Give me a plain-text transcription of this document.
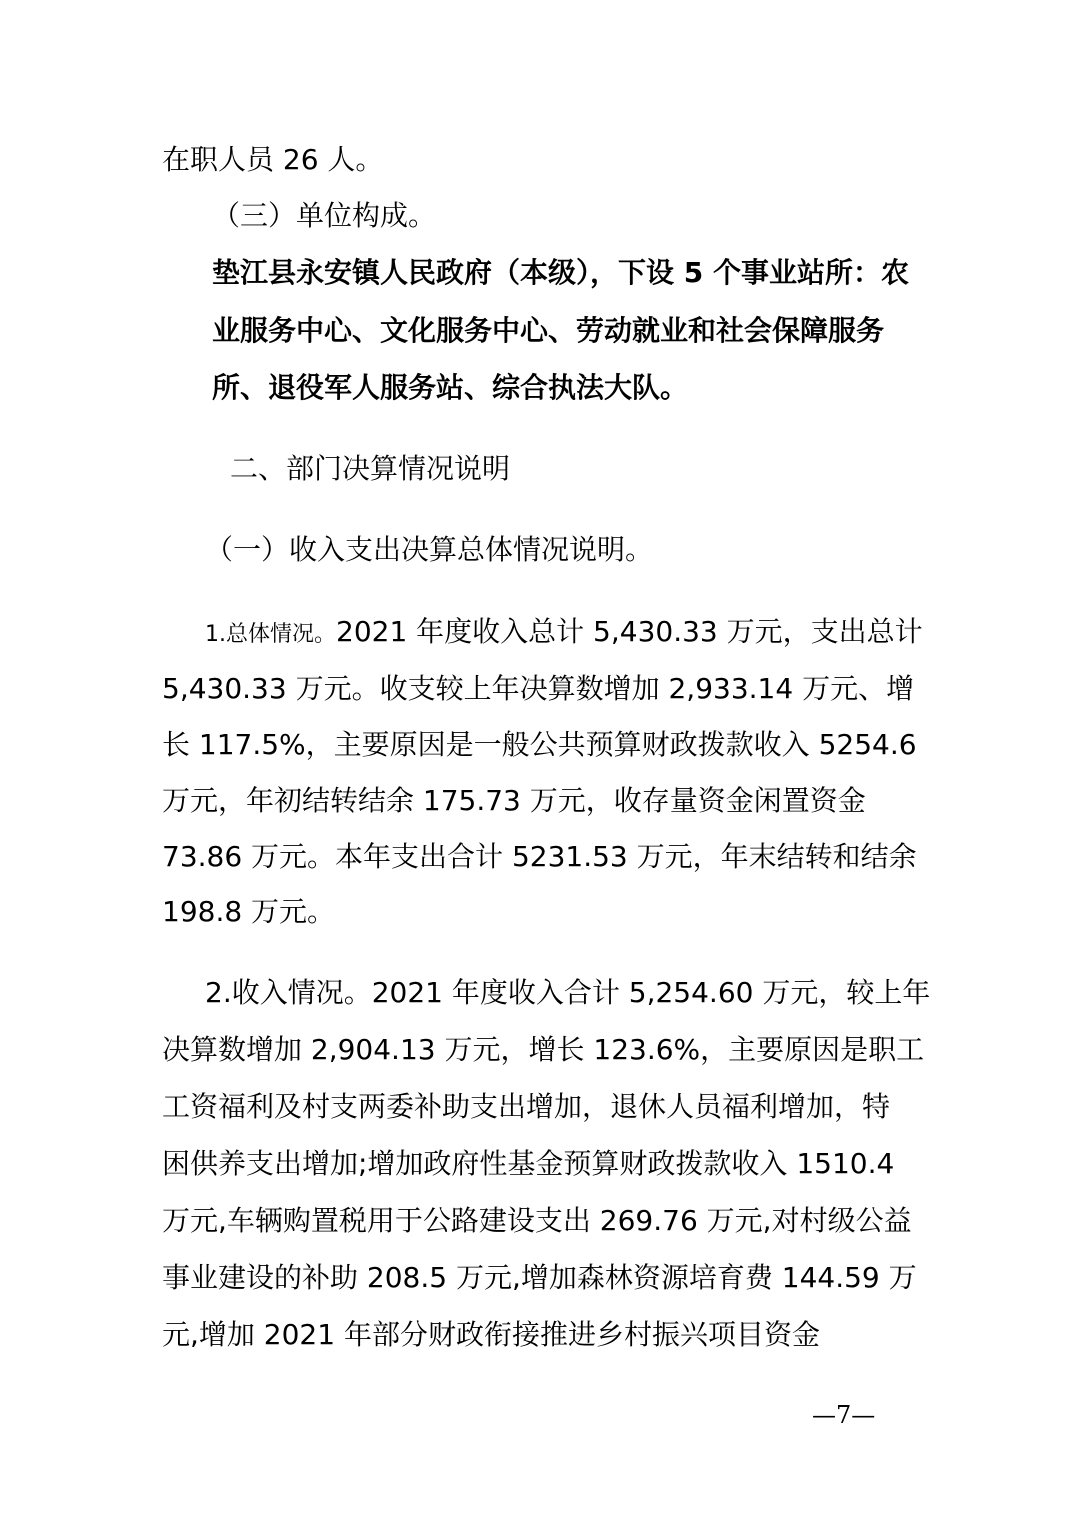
在职人员 26 人。
（三）单位构成。
垫江县永安镇人民政府（本级），下设 5 个事业站所：农
业服务中心、文化服务中心、劳动就业和社会保障服务
所、退役军人服务站、综合执法大队。
二、部门决算情况说明
（一）收入支出决算总体情况说明。
1.总体情况。2021 年度收入总计 5,430.33 万元，支出总计
5,430.33 万元。收支较上年决算数增加 2,933.14 万元、增
长 117.5%，主要原因是一般公共预算财政拨款收入 5254.6
万元，年初结转结余 175.73 万元，收存量资金闲置资金
73.86 万元。本年支出合计 5231.53 万元，年末结转和结余
198.8 万元。
2.收入情况。2021 年度收入合计 5,254.60 万元，较上年
决算数增加 2,904.13 万元，增长 123.6%，主要原因是职工
工资福利及村支两委补助支出增加，退休人员福利增加，特
困供养支出增加;增加政府性基金预算财政拨款收入 1510.4
万元,车辆购置税用于公路建设支出 269.76 万元,对村级公益
事业建设的补助 208.5 万元,增加森林资源培育费 144.59 万
元,增加 2021 年部分财政衔接推进乡村振兴项目资金
—7—
